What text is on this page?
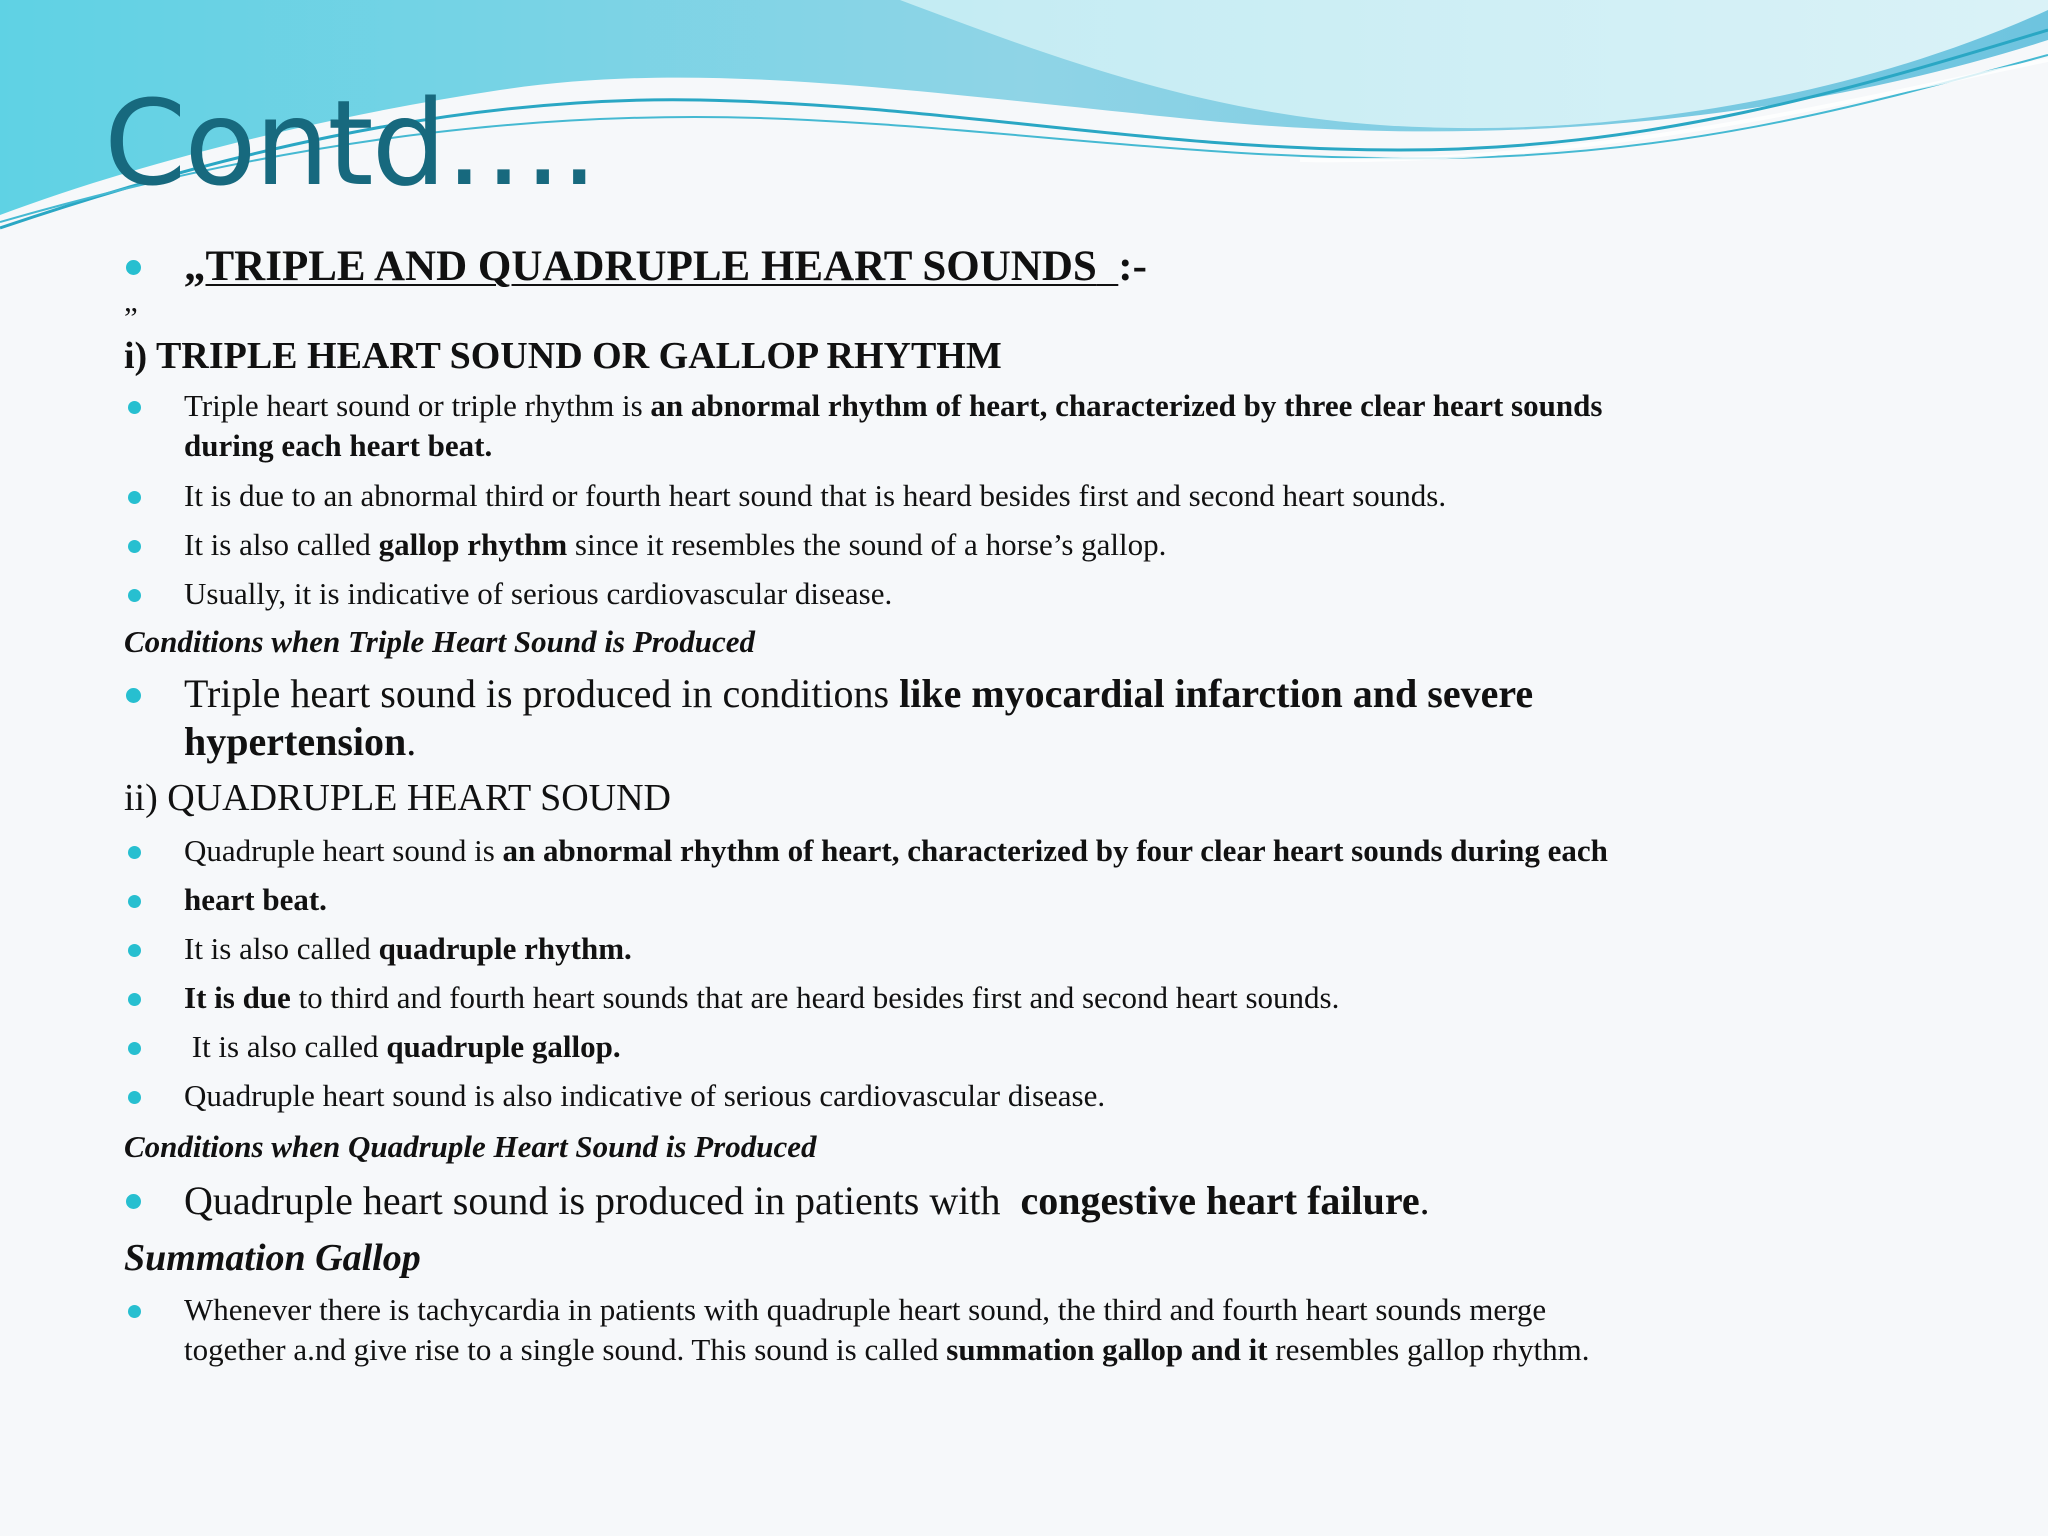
Contd….
„TRIPLE AND QUADRUPLE HEART SOUNDS :-
”
i) TRIPLE HEART SOUND OR GALLOP RHYTHM
Triple heart sound or triple rhythm is an abnormal rhythm of heart, characterized by three clear heart sounds
during each heart beat.
It is due to an abnormal third or fourth heart sound that is heard besides first and second heart sounds.
It is also called gallop rhythm since it resembles the sound of a horse’s gallop.
Usually, it is indicative of serious cardiovascular disease.
Conditions when Triple Heart Sound is Produced
Triple heart sound is produced in conditions like myocardial infarction and severe
hypertension.
ii) QUADRUPLE HEART SOUND
Quadruple heart sound is an abnormal rhythm of heart, characterized by four clear heart sounds during each
heart beat.
It is also called quadruple rhythm.
It is due to third and fourth heart sounds that are heard besides first and second heart sounds.
It is also called quadruple gallop.
Quadruple heart sound is also indicative of serious cardiovascular disease.
Conditions when Quadruple Heart Sound is Produced
Quadruple heart sound is produced in patients with  congestive heart failure.
Summation Gallop
Whenever there is tachycardia in patients with quadruple heart sound, the third and fourth heart sounds merge
together a.nd give rise to a single sound. This sound is called summation gallop and it resembles gallop rhythm.
